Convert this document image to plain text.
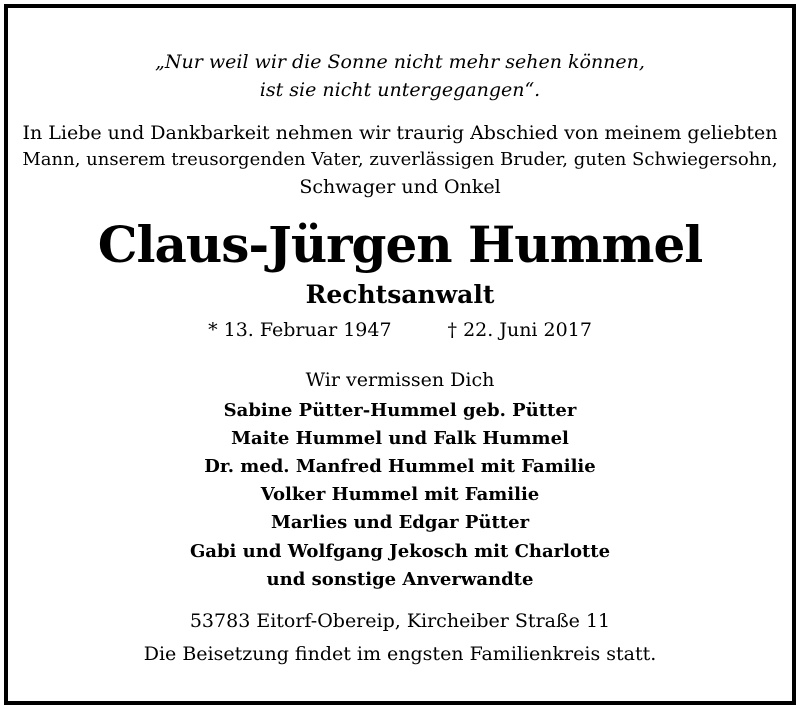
„Nur weil wir die Sonne nicht mehr sehen können,
ist sie nicht untergegangen“.
In Liebe und Dankbarkeit nehmen wir traurig Abschied von meinem geliebten
Mann, unserem treusorgenden Vater, zuverlässigen Bruder, guten Schwiegersohn,
Schwager und Onkel
Claus-Jürgen Hummel
Rechtsanwalt
* 13. Februar 1947	† 22. Juni 2017
Wir vermissen Dich
Sabine Pütter-Hummel geb. Pütter
Maite Hummel und Falk Hummel
Dr. med. Manfred Hummel mit Familie
Volker Hummel mit Familie
Marlies und Edgar Pütter
Gabi und Wolfgang Jekosch mit Charlotte
und sonstige Anverwandte
53783 Eitorf-Obereip, Kircheiber Straße 11
Die Beisetzung findet im engsten Familienkreis statt.
